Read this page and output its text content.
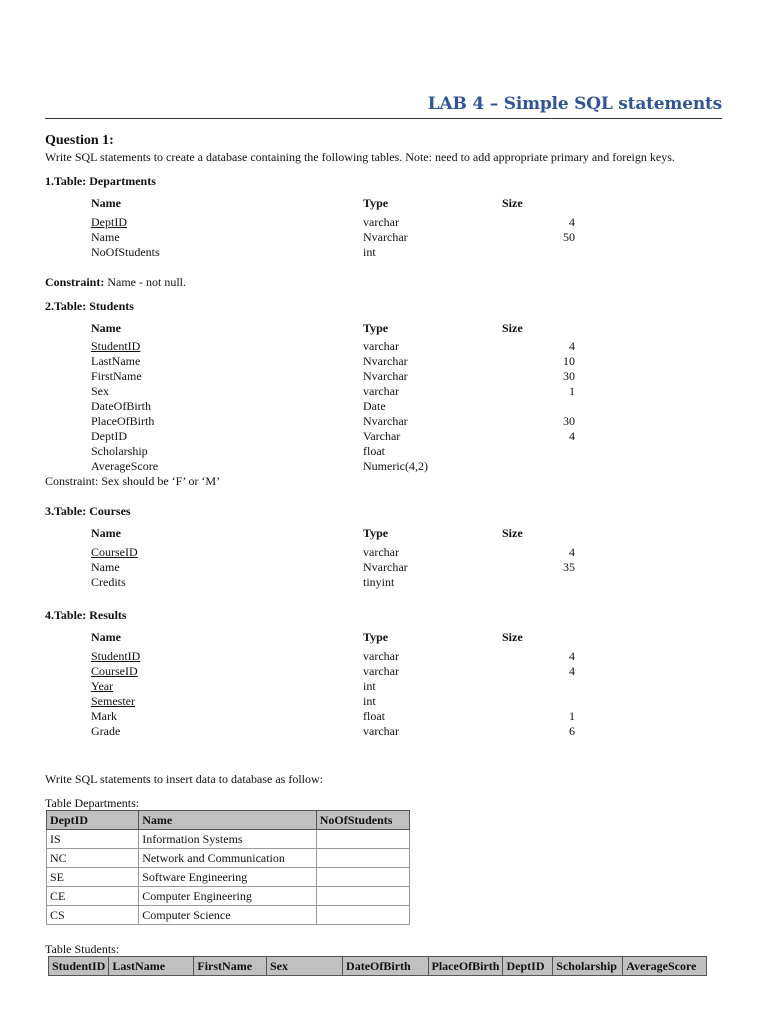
LAB 4 – Simple SQL statements
Question 1:
Write SQL statements to create a database containing the following tables. Note: need to add appropriate primary and foreign keys.
1.Table: Departments
Name	Type	Size
DeptID	varchar	4
Name	Nvarchar	50
NoOfStudents	int
Constraint: Name - not null.
2.Table: Students
Name	Type	Size
StudentID	varchar	4
LastName	Nvarchar	10
FirstName	Nvarchar	30
Sex	varchar	1
DateOfBirth	Date
PlaceOfBirth	Nvarchar	30
DeptID	Varchar	4
Scholarship	float
AverageScore	Numeric(4,2)
Constraint: Sex should be ‘F’ or ‘M’
3.Table: Courses
Name	Type	Size
CourseID	varchar	4
Name	Nvarchar	35
Credits	tinyint
4.Table: Results
Name	Type	Size
StudentID	varchar	4
CourseID	varchar	4
Year	int
Semester	int
Mark	float	1
Grade	varchar	6
Write SQL statements to insert data to database as follow:
Table Departments:
DeptID	Name	NoOfStudents
IS	Information Systems	
NC	Network and Communication	
SE	Software Engineering	
CE	Computer Engineering	
CS	Computer Science	
Table Students:
StudentID	LastName	FirstName	Sex	DateOfBirth	PlaceOfBirth	DeptID	Scholarship	AverageScore
